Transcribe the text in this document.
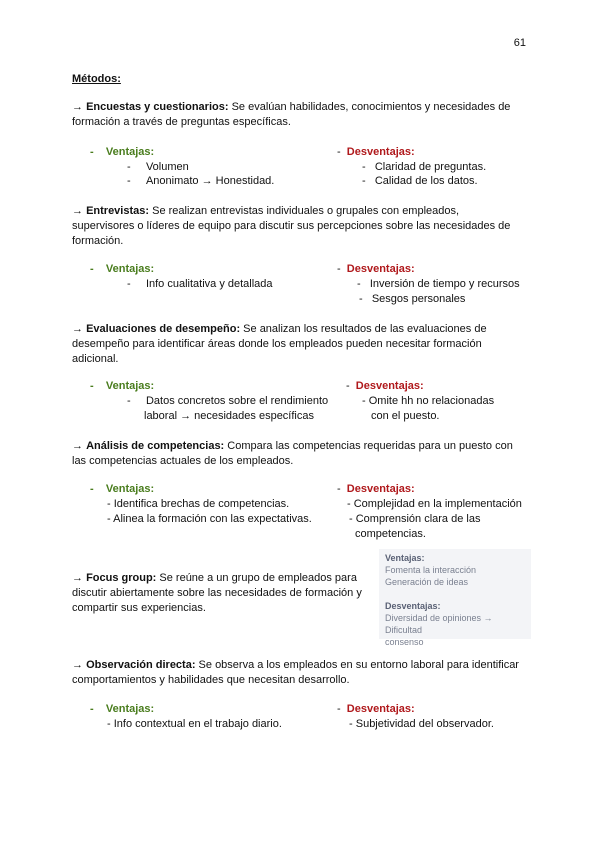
61
Métodos:
→ Encuestas y cuestionarios: Se evalúan habilidades, conocimientos y necesidades de
formación a través de preguntas específicas.
-    Ventajas:
-     Volumen
-     Anonimato → Honestidad.
-  Desventajas:
-   Claridad de preguntas.
-   Calidad de los datos.
→ Entrevistas: Se realizan entrevistas individuales o grupales con empleados,
supervisores o líderes de equipo para discutir sus percepciones sobre las necesidades de
formación.
-    Ventajas:
-     Info cualitativa y detallada
-  Desventajas:
-   Inversión de tiempo y recursos
-   Sesgos personales
→ Evaluaciones de desempeño: Se analizan los resultados de las evaluaciones de
desempeño para identificar áreas donde los empleados pueden necesitar formación
adicional.
-    Ventajas:
-     Datos concretos sobre el rendimiento
laboral → necesidades específicas
-  Desventajas:
- Omite hh no relacionadas
con el puesto.
→ Análisis de competencias: Compara las competencias requeridas para un puesto con
las competencias actuales de los empleados.
-    Ventajas:
- Identifica brechas de competencias.
- Alinea la formación con las expectativas.
-  Desventajas:
- Complejidad en la implementación
- Comprensión clara de las
competencias.
→ Focus group: Se reúne a un grupo de empleados para
discutir abiertamente sobre las necesidades de formación y
compartir sus experiencias.
Ventajas:
Fomenta la interacción
Generación de ideas
Desventajas:
Diversidad de opiniones → Dificultad
consenso
→ Observación directa: Se observa a los empleados en su entorno laboral para identificar
comportamientos y habilidades que necesitan desarrollo.
-    Ventajas:
- Info contextual en el trabajo diario.
-  Desventajas:
- Subjetividad del observador.
